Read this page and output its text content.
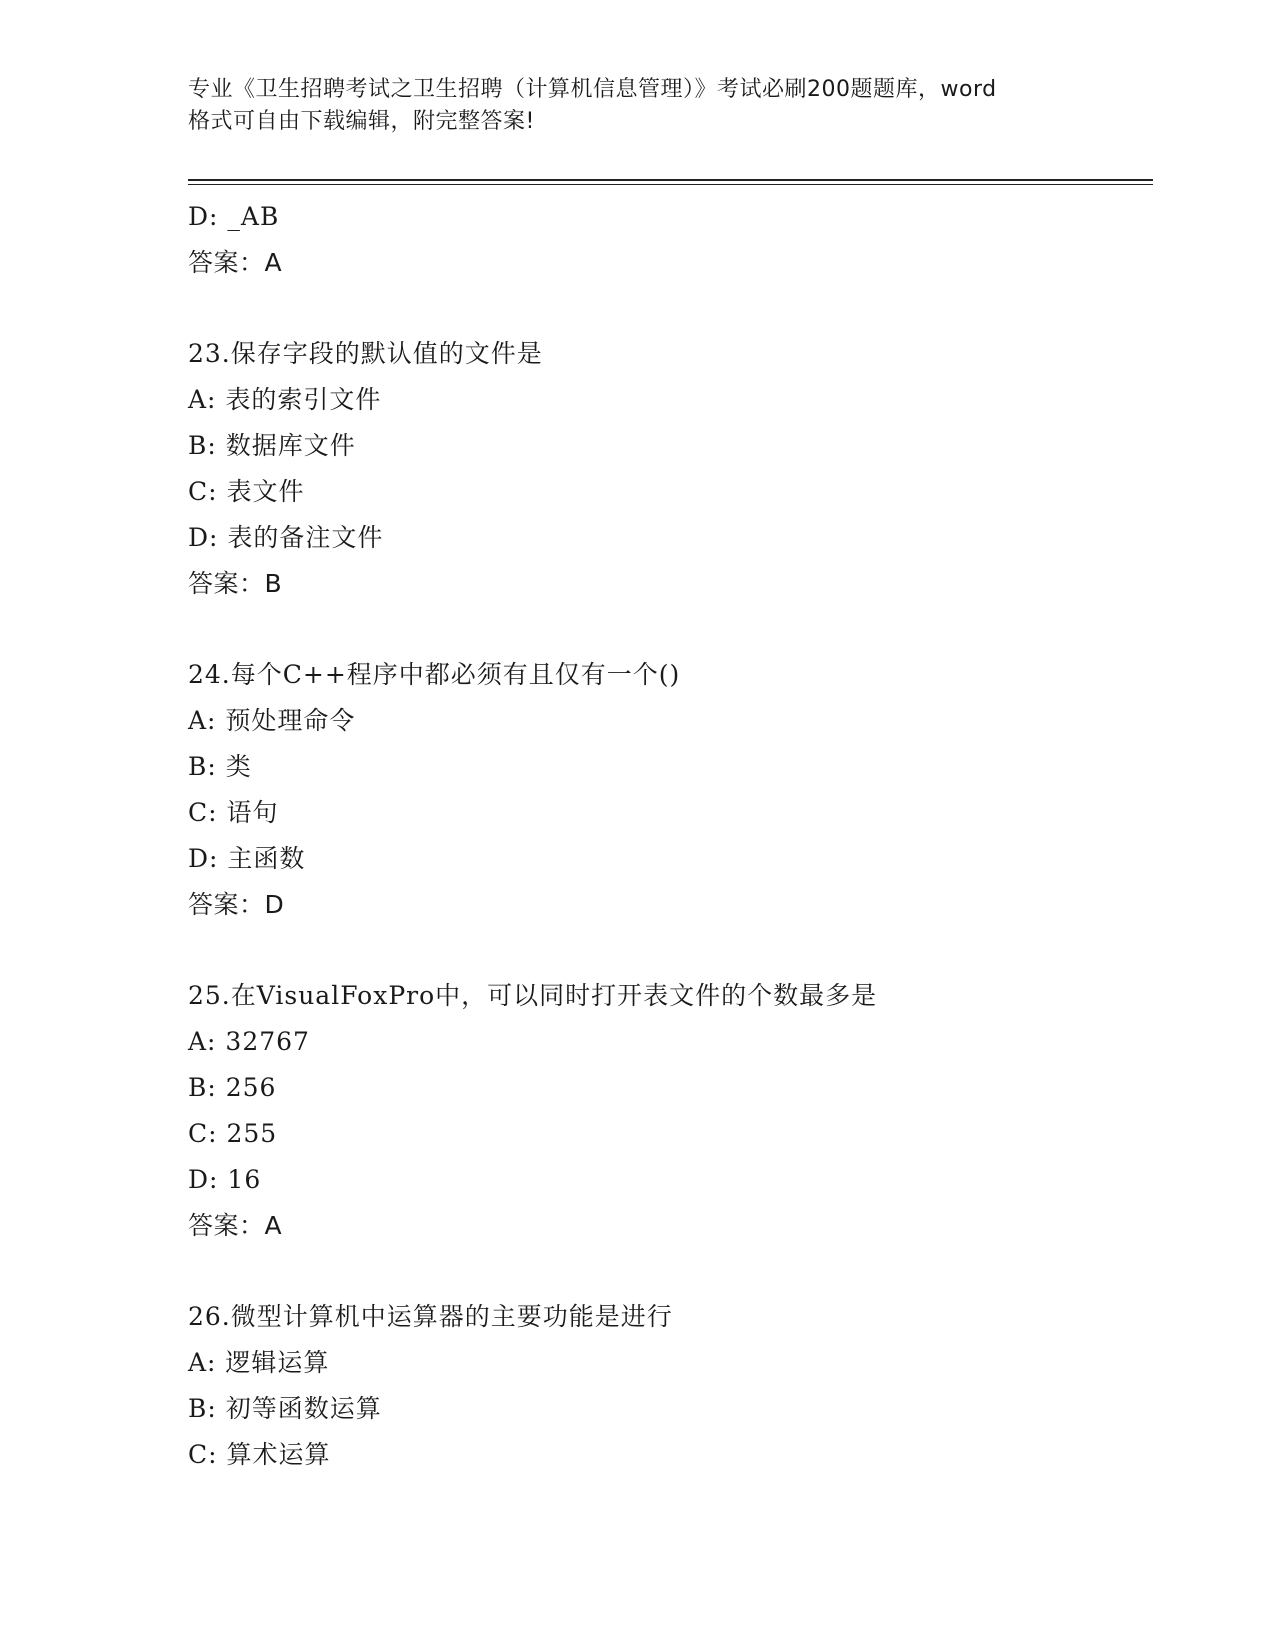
专业《卫生招聘考试之卫生招聘（计算机信息管理）》考试必刷200题题库，word
格式可自由下载编辑，附完整答案!
D: _AB
答案：A
23.保存字段的默认值的文件是
A: 表的索引文件
B: 数据库文件
C: 表文件
D: 表的备注文件
答案：B
24.每个C++程序中都必须有且仅有一个()
A: 预处理命令
B: 类
C: 语句
D: 主函数
答案：D
25.在VisualFoxPro中，可以同时打开表文件的个数最多是
A: 32767
B: 256
C: 255
D: 16
答案：A
26.微型计算机中运算器的主要功能是进行
A: 逻辑运算
B: 初等函数运算
C: 算术运算
